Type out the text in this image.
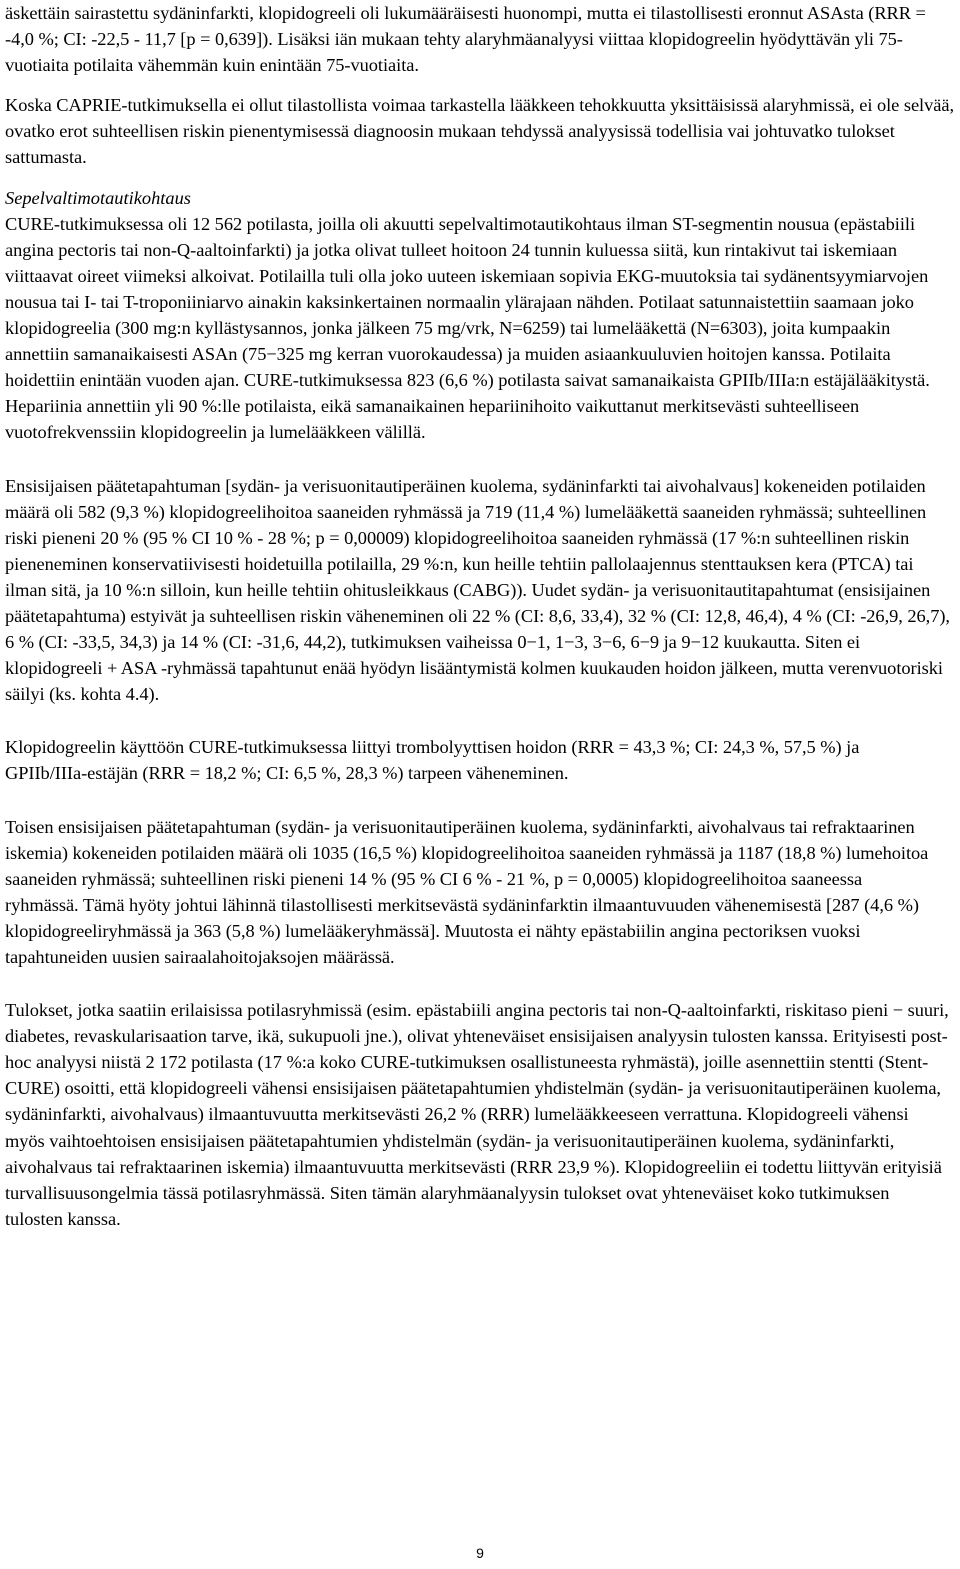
äskettäin sairastettu sydäninfarkti, klopidogreeli oli lukumääräisesti huonompi, mutta ei tilastollisesti eronnut ASAsta (RRR = -4,0 %; CI: -22,5 - 11,7 [p = 0,639]). Lisäksi iän mukaan tehty alaryhmäanalyysi viittaa klopidogreelin hyödyttävän yli 75-vuotiaita potilaita vähemmän kuin enintään 75-vuotiaita.

Koska CAPRIE-tutkimuksella ei ollut tilastollista voimaa tarkastella lääkkeen tehokkuutta yksittäisissä alaryhmissä, ei ole selvää, ovatko erot suhteellisen riskin pienentymisessä diagnoosin mukaan tehdyssä analyysissä todellisia vai johtuvatko tulokset sattumasta.

Sepelvaltimotautikohtaus

CURE-tutkimuksessa oli 12 562 potilasta, joilla oli akuutti sepelvaltimotautikohtaus ilman ST-segmentin nousua (epästabiili angina pectoris tai non-Q-aaltoinfarkti) ja jotka olivat tulleet hoitoon 24 tunnin kuluessa siitä, kun rintakivut tai iskemiaan viittaavat oireet viimeksi alkoivat. Potilailla tuli olla joko uuteen iskemiaan sopivia EKG-muutoksia tai sydänentsyymiarvojen nousua tai I- tai T-troponiiniarvo ainakin kaksinkertainen normaalin ylärajaan nähden. Potilaat satunnaistettiin saamaan joko klopidogreelia (300 mg:n kyllästysannos, jonka jälkeen 75 mg/vrk, N=6259) tai lumelääkettä (N=6303), joita kumpaakin annettiin samanaikaisesti ASAn (75−325 mg kerran vuorokaudessa) ja muiden asiaankuuluvien hoitojen kanssa. Potilaita hoidettiin enintään vuoden ajan. CURE-tutkimuksessa 823 (6,6 %) potilasta saivat samanaikaista GPIIb/IIIa:n estäjälääkitystä. Hepariinia annettiin yli 90 %:lle potilaista, eikä samanaikainen hepariinihoito vaikuttanut merkitsevästi suhteelliseen vuotofrekvenssiin klopidogreelin ja lumelääkkeen välillä.

Ensisijaisen päätetapahtuman [sydän- ja verisuonitautiperäinen kuolema, sydäninfarkti tai aivohalvaus] kokeneiden potilaiden määrä oli 582 (9,3 %) klopidogreelihoitoa saaneiden ryhmässä ja 719 (11,4 %) lumelääkettä saaneiden ryhmässä; suhteellinen riski pieneni 20 % (95 % CI 10 % - 28 %; p = 0,00009) klopidogreelihoitoa saaneiden ryhmässä (17 %:n suhteellinen riskin pieneneminen konservatiivisesti hoidetuilla potilailla, 29 %:n, kun heille tehtiin pallolaajennus stenttauksen kera (PTCA) tai ilman sitä, ja 10 %:n silloin, kun heille tehtiin ohitusleikkaus (CABG)). Uudet sydän- ja verisuonitautitapahtumat (ensisijainen päätetapahtuma) estyivät ja suhteellisen riskin väheneminen oli 22 % (CI: 8,6, 33,4), 32 % (CI: 12,8, 46,4), 4 % (CI: -26,9, 26,7), 6 % (CI: -33,5, 34,3) ja 14 % (CI: -31,6, 44,2), tutkimuksen vaiheissa 0−1, 1−3, 3−6, 6−9 ja 9−12 kuukautta. Siten ei klopidogreeli + ASA -ryhmässä tapahtunut enää hyödyn lisääntymistä kolmen kuukauden hoidon jälkeen, mutta verenvuotoriski säilyi (ks. kohta 4.4).

Klopidogreelin käyttöön CURE-tutkimuksessa liittyi trombolyyttisen hoidon (RRR = 43,3 %; CI: 24,3 %, 57,5 %) ja GPIIb/IIIa-estäjän (RRR = 18,2 %; CI: 6,5 %, 28,3 %) tarpeen väheneminen.

Toisen ensisijaisen päätetapahtuman (sydän- ja verisuonitautiperäinen kuolema, sydäninfarkti, aivohalvaus tai refraktaarinen iskemia) kokeneiden potilaiden määrä oli 1035 (16,5 %) klopidogreelihoitoa saaneiden ryhmässä ja 1187 (18,8 %) lumehoitoa saaneiden ryhmässä; suhteellinen riski pieneni 14 % (95 % CI 6 % - 21 %, p = 0,0005) klopidogreelihoitoa saaneessa ryhmässä. Tämä hyöty johtui lähinnä tilastollisesti merkitsevästä sydäninfarktin ilmaantuvuuden vähenemisestä [287 (4,6 %) klopidogreeliryhmässä ja 363 (5,8 %) lumelääkeryhmässä]. Muutosta ei nähty epästabiilin angina pectoriksen vuoksi tapahtuneiden uusien sairaalahoitojaksojen määrässä.

Tulokset, jotka saatiin erilaisissa potilasryhmissä (esim. epästabiili angina pectoris tai non-Q-aaltoinfarkti, riskitaso pieni − suuri, diabetes, revaskularisaation tarve, ikä, sukupuoli jne.), olivat yhteneväiset ensisijaisen analyysin tulosten kanssa. Erityisesti post-hoc analyysi niistä 2 172 potilasta (17 %:a koko CURE-tutkimuksen osallistuneesta ryhmästä), joille asennettiin stentti (Stent-CURE) osoitti, että klopidogreeli vähensi ensisijaisen päätetapahtumien yhdistelmän (sydän- ja verisuonitautiperäinen kuolema, sydäninfarkti, aivohalvaus) ilmaantuvuutta merkitsevästi 26,2 % (RRR) lumelääkkeeseen verrattuna. Klopidogreeli vähensi myös vaihtoehtoisen ensisijaisen päätetapahtumien yhdistelmän (sydän- ja verisuonitautiperäinen kuolema, sydäninfarkti, aivohalvaus tai refraktaarinen iskemia) ilmaantuvuutta merkitsevästi (RRR 23,9 %). Klopidogreeliin ei todettu liittyvän erityisiä turvallisuusongelmia tässä potilasryhmässä. Siten tämän alaryhmäanalyysin tulokset ovat yhteneväiset koko tutkimuksen tulosten kanssa.

9
